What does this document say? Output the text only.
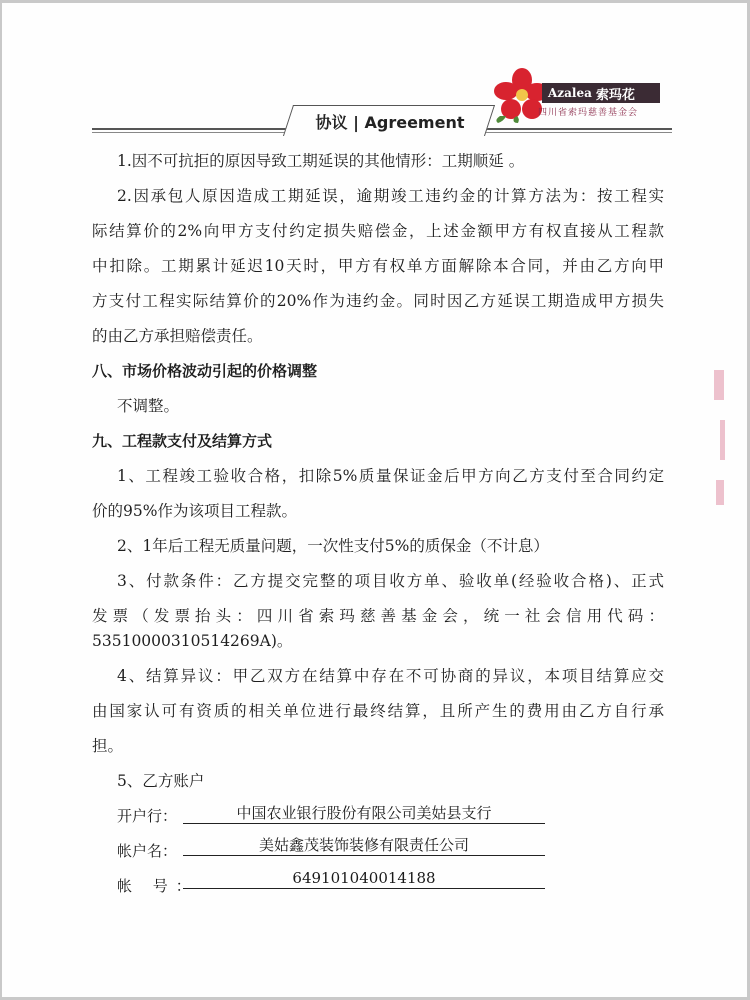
Azalea 索玛花
四川省索玛慈善基金会
协议 | Agreement
1.因不可抗拒的原因导致工期延误的其他情形：工期顺延 。
2.因承包人原因造成工期延误，逾期竣工违约金的计算方法为：按工程实
际结算价的2%向甲方支付约定损失赔偿金，上述金额甲方有权直接从工程款
中扣除。工期累计延迟10天时，甲方有权单方面解除本合同，并由乙方向甲
方支付工程实际结算价的20%作为违约金。同时因乙方延误工期造成甲方损失
的由乙方承担赔偿责任。
八、市场价格波动引起的价格调整
不调整。
九、工程款支付及结算方式
1、工程竣工验收合格，扣除5%质量保证金后甲方向乙方支付至合同约定
价的95%作为该项目工程款。
2、1年后工程无质量问题，一次性支付5%的质保金（不计息）
3、付款条件：乙方提交完整的项目收方单、验收单(经验收合格)、正式
发票（发票抬头：四川省索玛慈善基金会，统一社会信用代码：
53510000310514269A)。
4、结算异议：甲乙双方在结算中存在不可协商的异议，本项目结算应交
由国家认可有资质的相关单位进行最终结算，且所产生的费用由乙方自行承
担。
5、乙方账户
开户行：	中国农业银行股份有限公司美姑县支行
帐户名：	美姑鑫茂装饰装修有限责任公司
帐 号：	649101040014188
